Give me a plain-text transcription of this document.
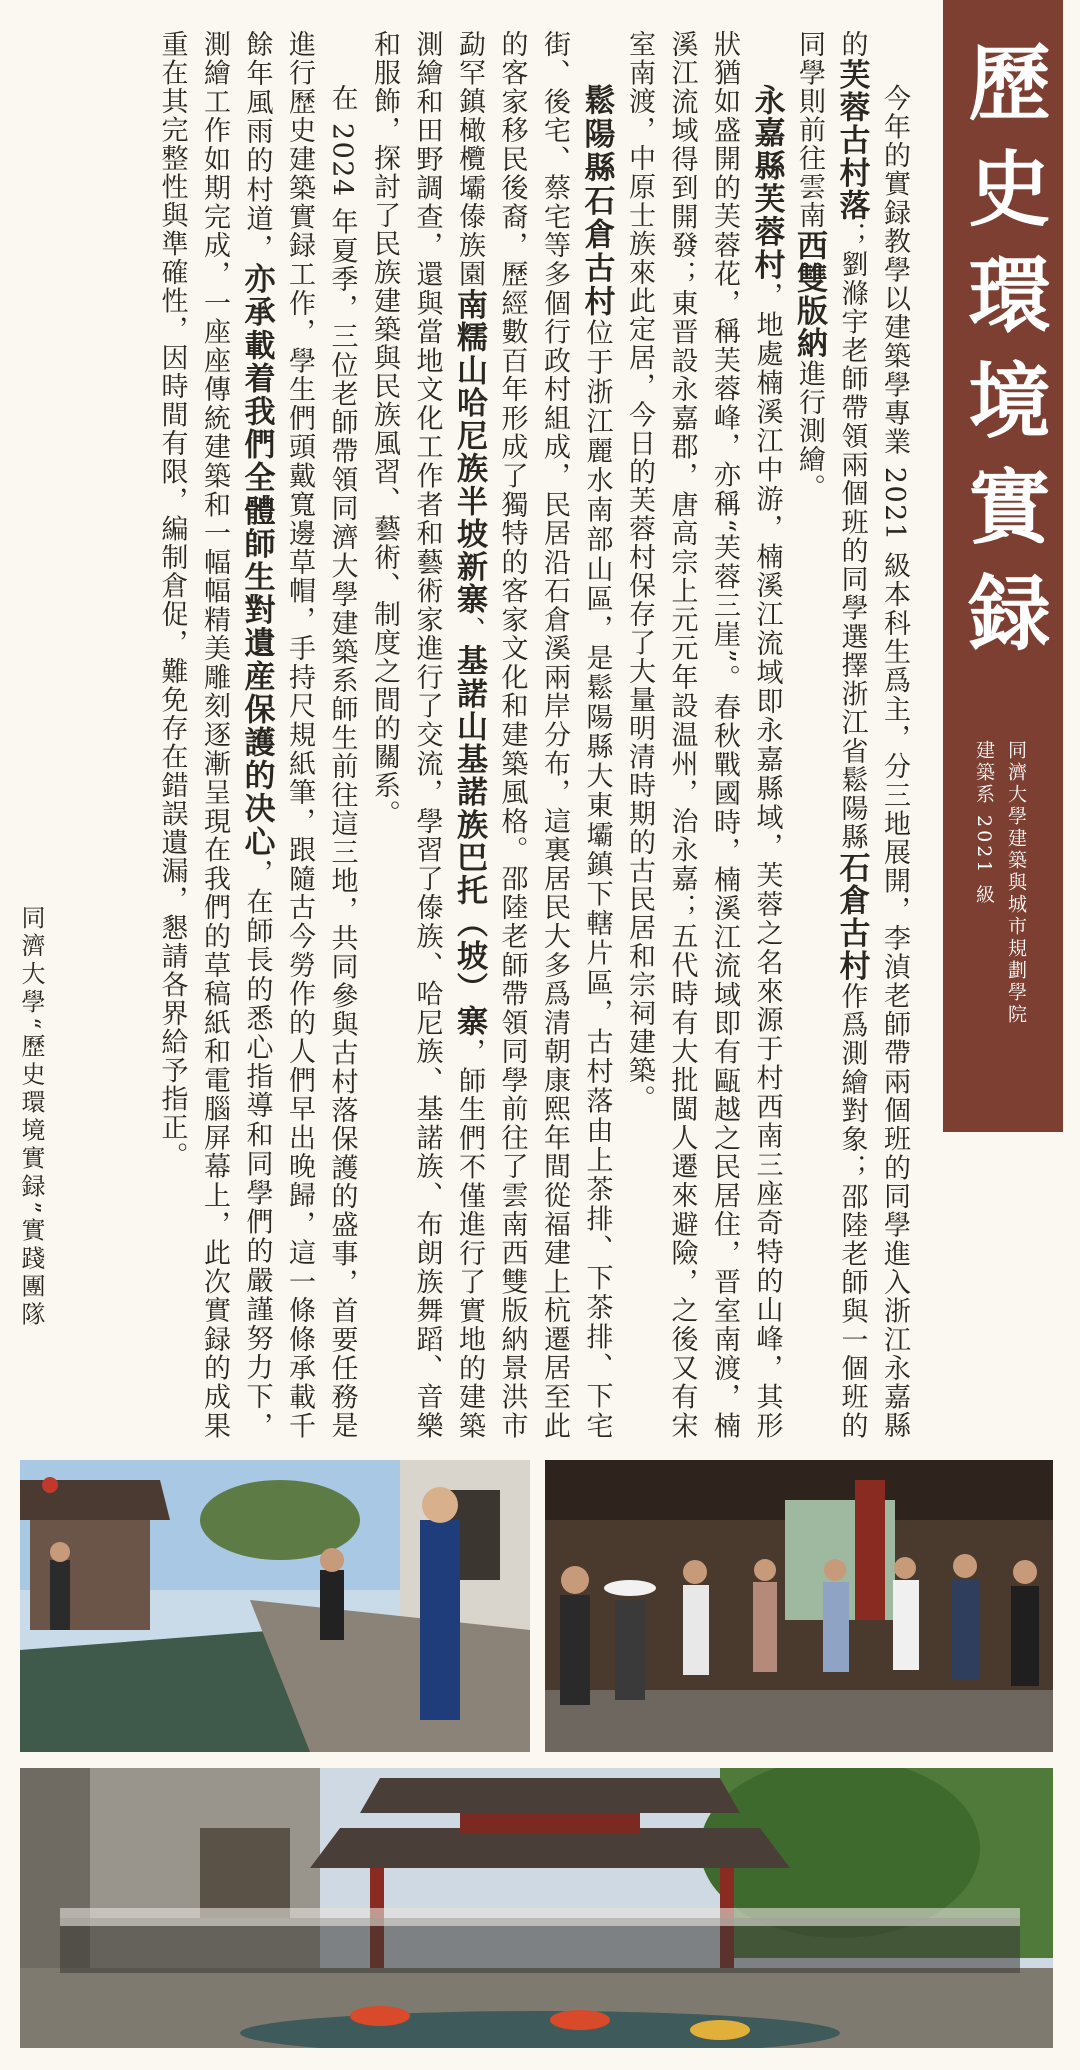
歷史環境實録
同濟大學建築與城市規劃學院
建築系 2021 級

今年的實録教學以建築學專業 2021 級本科生爲主，分三地展開，李湞老師帶兩個班的同學進入浙江永嘉縣的芙蓉古村落；劉滌宇老師帶領兩個班的同學選擇浙江省鬆陽縣石倉古村作爲測繪對象；邵陸老師與一個班的同學則前往雲南西雙版納進行測繪。

永嘉縣芙蓉村，地處楠溪江中游，楠溪江流域即永嘉縣域，芙蓉之名來源于村西南三座奇特的山峰，其形狀猶如盛開的芙蓉花，稱芙蓉峰，亦稱“芙蓉三崖”。春秋戰國時，楠溪江流域即有甌越之民居住，晋室南渡，楠溪江流域得到開發；東晋設永嘉郡，唐高宗上元元年設温州，治永嘉；五代時有大批閩人遷來避險，之後又有宋室南渡，中原士族來此定居，今日的芙蓉村保存了大量明清時期的古民居和宗祠建築。

鬆陽縣石倉古村位于浙江麗水南部山區，是鬆陽縣大東壩鎮下轄片區，古村落由上茶排、下茶排、下宅街、後宅、蔡宅等多個行政村組成，民居沿石倉溪兩岸分布，這裏居民大多爲清朝康熙年間從福建上杭遷居至此的客家移民後裔，歷經數百年形成了獨特的客家文化和建築風格。邵陸老師帶領同學前往了雲南西雙版納景洪市勐罕鎮橄欖壩傣族園南糯山哈尼族半坡新寨、基諾山基諾族巴托（坡）寨，師生們不僅進行了實地的建築測繪和田野調查，還與當地文化工作者和藝術家進行了交流，學習了傣族、哈尼族、基諾族、布朗族舞蹈、音樂和服飾，探討了民族建築與民族風習、藝術、制度之間的關系。

在 2024 年夏季，三位老師帶領同濟大學建築系師生前往這三地，共同參與古村落保護的盛事，首要任務是進行歷史建築實録工作，學生們頭戴寬邊草帽，手持尺規紙筆，跟隨古今勞作的人們早出晚歸，這一條條承載千餘年風雨的村道，亦承載着我們全體師生對遺産保護的决心，在師長的悉心指導和同學們的嚴謹努力下，測繪工作如期完成，一座座傳統建築和一幅幅精美雕刻逐漸呈現在我們的草稿紙和電腦屏幕上，此次實録的成果重在其完整性與準確性，因時間有限，編制倉促，難免存在錯誤遺漏，懇請各界給予指正。

同濟大學“歷史環境實録”實踐團隊
